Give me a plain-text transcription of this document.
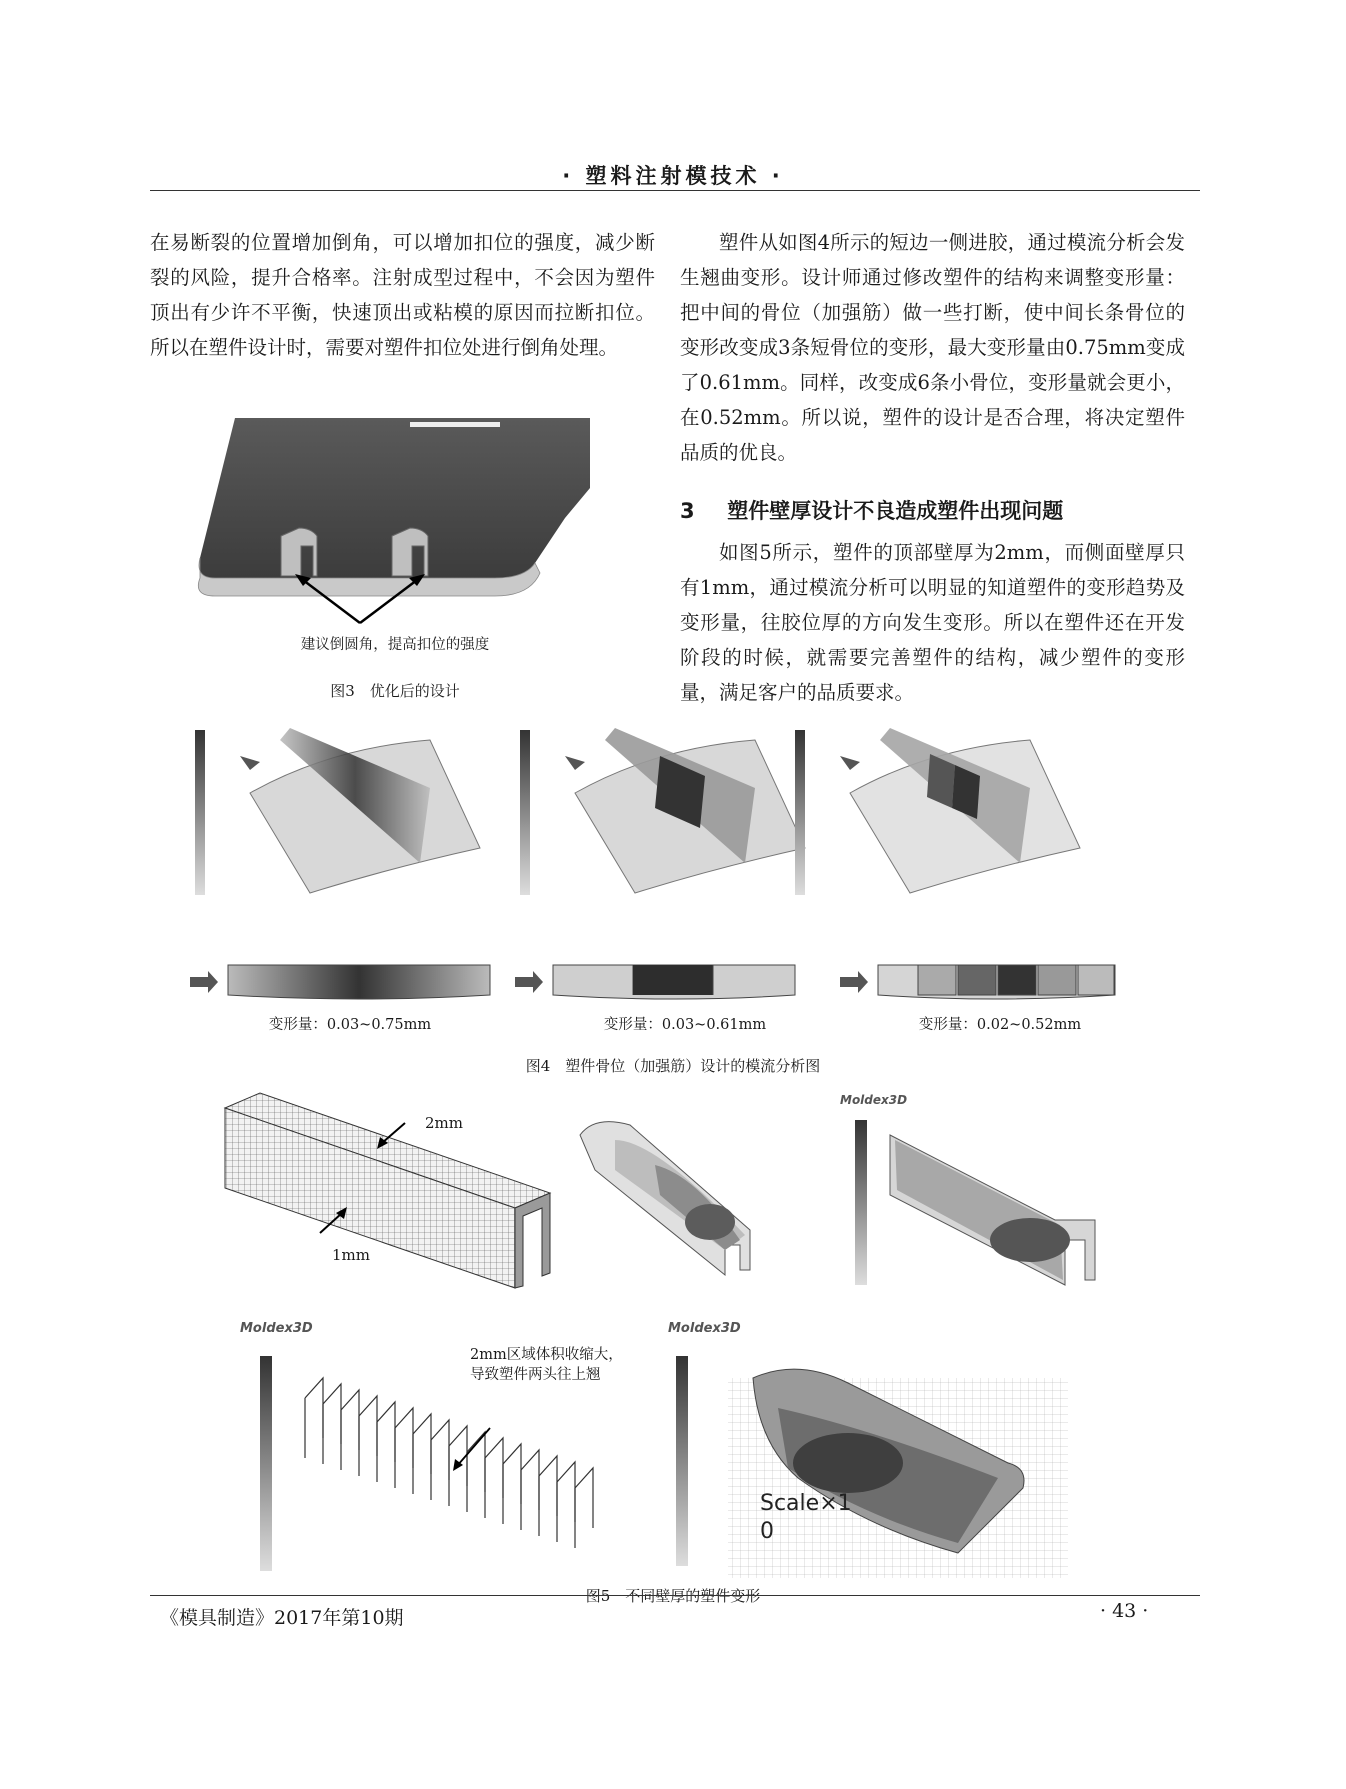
· 塑料注射模技术 ·

在易断裂的位置增加倒角，可以增加扣位的强度，减少断裂的风险，提升合格率。注射成型过程中，不会因为塑件顶出有少许不平衡，快速顶出或粘模的原因而拉断扣位。所以在塑件设计时，需要对塑件扣位处进行倒角处理。

塑件从如图4所示的短边一侧进胶，通过模流分析会发生翘曲变形。设计师通过修改塑件的结构来调整变形量：把中间的骨位（加强筋）做一些打断，使中间长条骨位的变形改变成3条短骨位的变形，最大变形量由0.75mm变成了0.61mm。同样，改变成6条小骨位，变形量就会更小，在0.52mm。所以说，塑件的设计是否合理，将决定塑件品质的优良。

3 塑件壁厚设计不良造成塑件出现问题

如图5所示，塑件的顶部壁厚为2mm，而侧面壁厚只有1mm，通过模流分析可以明显的知道塑件的变形趋势及变形量，往胶位厚的方向发生变形。所以在塑件还在开发阶段的时候，就需要完善塑件的结构，减少塑件的变形量，满足客户的品质要求。

建议倒圆角，提高扣位的强度
图3　优化后的设计
变形量：0.03~0.75mm	变形量：0.03~0.61mm	变形量：0.02~0.52mm
图4　塑件骨位（加强筋）设计的模流分析图
2mm
1mm
Moldex3D
Moldex3D
2mm区域体积收缩大，
导致塑件两头往上翘
Moldex3D
Scale×1
0
图5　不同壁厚的塑件变形
《模具制造》2017年第10期	· 43 ·
